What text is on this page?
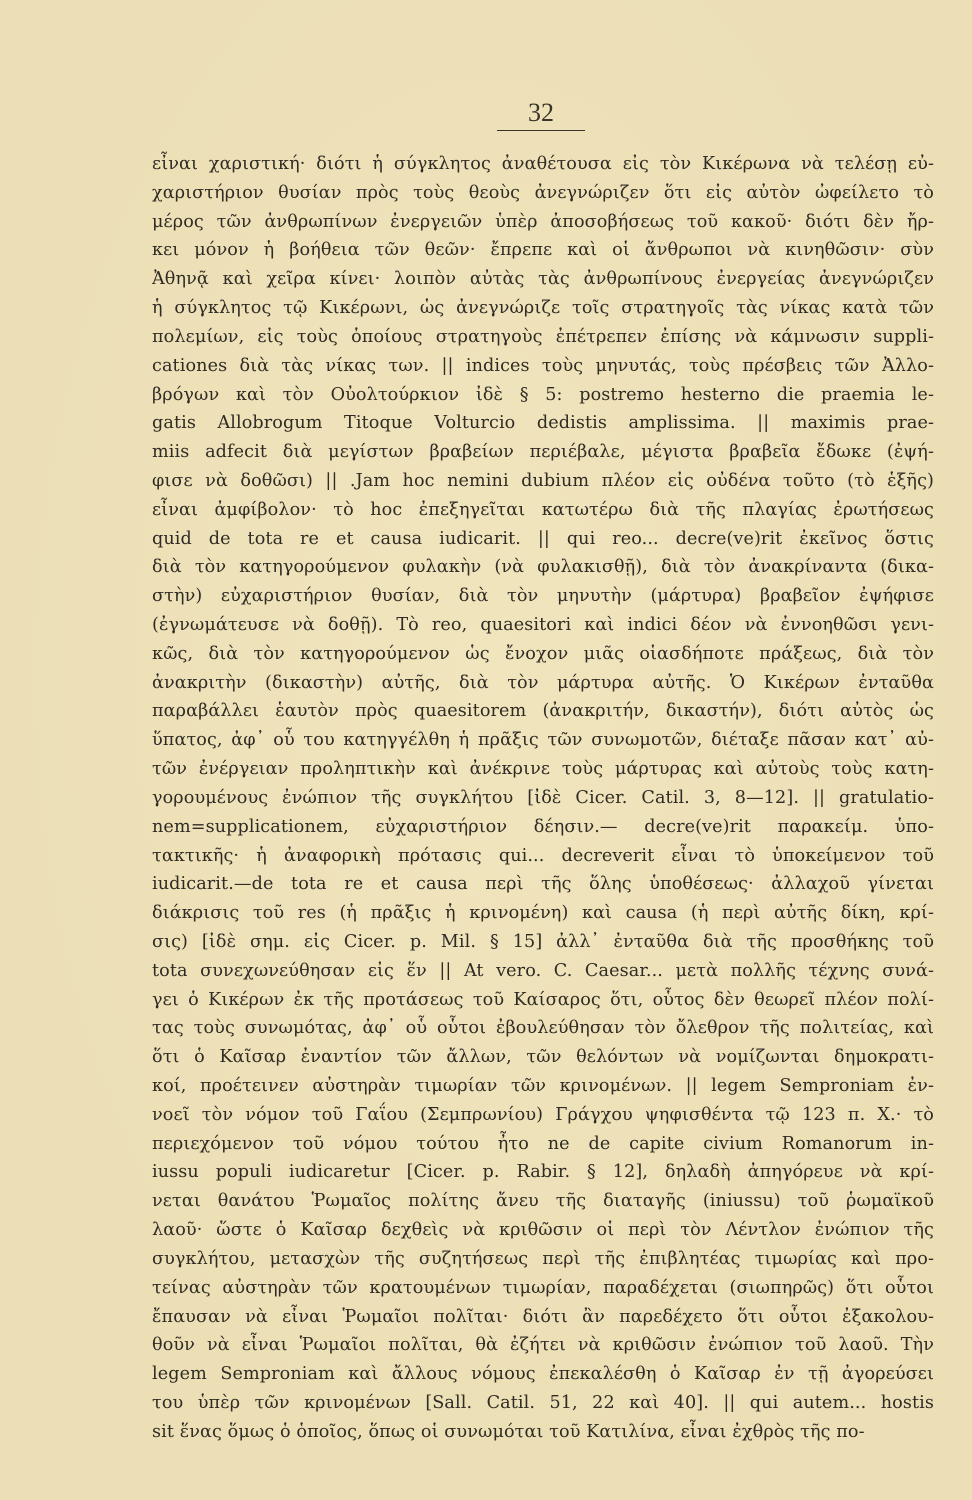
32
εἶναι χαριστική· διότι ἡ σύγκλητος ἀναθέτουσα εἰς τὸν Κικέρωνα νὰ τελέσῃ εὐ-
χαριστήριον θυσίαν πρὸς τοὺς θεοὺς ἀνεγνώριζεν ὅτι εἰς αὐτὸν ὠφείλετο τὸ
μέρος τῶν ἀνθρωπίνων ἐνεργειῶν ὑπὲρ ἀποσοβήσεως τοῦ κακοῦ· διότι δὲν ἤρ-
κει μόνον ἡ βοήθεια τῶν θεῶν· ἔπρεπε καὶ οἱ ἄνθρωποι νὰ κινηθῶσιν· σὺν
Ἀθηνᾷ καὶ χεῖρα κίνει· λοιπὸν αὐτὰς τὰς ἀνθρωπίνους ἐνεργείας ἀνεγνώριζεν
ἡ σύγκλητος τῷ Κικέρωνι, ὡς ἀνεγνώριζε τοῖς στρατηγοῖς τὰς νίκας κατὰ τῶν
πολεμίων, εἰς τοὺς ὁποίους στρατηγοὺς ἐπέτρεπεν ἐπίσης νὰ κάμνωσιν suppli-
cationes διὰ τὰς νίκας των. || indices τοὺς μηνυτάς, τοὺς πρέσβεις τῶν Ἀλλο-
βρόγων καὶ τὸν Οὐολτούρκιον ἰδὲ § 5: postremo hesterno die praemia le-
gatis Allobrogum Titoque Volturcio dedistis amplissima. || maximis prae-
miis adfecit διὰ μεγίστων βραβείων περιέβαλε, μέγιστα βραβεῖα ἔδωκε (ἐψή-
φισε νὰ δοθῶσι) || .Jam hoc nemini dubium πλέον εἰς οὐδένα τοῦτο (τὸ ἑξῆς)
εἶναι ἀμφίβολον· τὸ hoc ἐπεξηγεῖται κατωτέρω διὰ τῆς πλαγίας ἐρωτήσεως
quid de tota re et causa iudicarit. || qui reo... decre(ve)rit ἐκεῖνος ὅστις
διὰ τὸν κατηγορούμενον φυλακὴν (νὰ φυλακισθῇ), διὰ τὸν ἀνακρίναντα (δικα-
στὴν) εὐχαριστήριον θυσίαν, διὰ τὸν μηνυτὴν (μάρτυρα) βραβεῖον ἐψήφισε
(ἐγνωμάτευσε νὰ δοθῇ). Τὸ reo, quaesitori καὶ indici δέον νὰ ἐννοηθῶσι γενι-
κῶς, διὰ τὸν κατηγορούμενον ὡς ἔνοχον μιᾶς οἱασδήποτε πράξεως, διὰ τὸν
ἀνακριτὴν (δικαστὴν) αὐτῆς, διὰ τὸν μάρτυρα αὐτῆς. Ὁ Κικέρων ἐνταῦθα
παραβάλλει ἑαυτὸν πρὸς quaesitorem (ἀνακριτήν, δικαστήν), διότι αὐτὸς ὡς
ὕπατος, ἀφ᾽ οὗ του κατηγγέλθη ἡ πρᾶξις τῶν συνωμοτῶν, διέταξε πᾶσαν κατ᾽ αὐ-
τῶν ἐνέργειαν προληπτικὴν καὶ ἀνέκρινε τοὺς μάρτυρας καὶ αὐτοὺς τοὺς κατη-
γορουμένους ἐνώπιον τῆς συγκλήτου [ἰδὲ Cicer. Catil. 3, 8—12]. || gratulatio-
nem=supplicationem, εὐχαριστήριον δέησιν.— decre(ve)rit παρακείμ. ὑπο-
τακτικῆς· ἡ ἀναφορικὴ πρότασις qui... decreverit εἶναι τὸ ὑποκείμενον τοῦ
iudicarit.—de tota re et causa περὶ τῆς ὅλης ὑποθέσεως· ἀλλαχοῦ γίνεται
διάκρισις τοῦ res (ἡ πρᾶξις ἡ κρινομένη) καὶ causa (ἡ περὶ αὐτῆς δίκη, κρί-
σις) [ἰδὲ σημ. εἰς Cicer. p. Mil. § 15] ἀλλ᾽ ἐνταῦθα διὰ τῆς προσθήκης τοῦ
tota συνεχωνεύθησαν εἰς ἕν || At vero. C. Caesar... μετὰ πολλῆς τέχνης συνά-
γει ὁ Κικέρων ἐκ τῆς προτάσεως τοῦ Καίσαρος ὅτι, οὗτος δὲν θεωρεῖ πλέον πολί-
τας τοὺς συνωμότας, ἀφ᾽ οὗ οὗτοι ἐβουλεύθησαν τὸν ὄλεθρον τῆς πολιτείας, καὶ
ὅτι ὁ Καῖσαρ ἐναντίον τῶν ἄλλων, τῶν θελόντων νὰ νομίζωνται δημοκρατι-
κοί, προέτεινεν αὐστηρὰν τιμωρίαν τῶν κρινομένων. || legem Semproniam ἐν-
νοεῖ τὸν νόμον τοῦ Γαΐου (Σεμπρωνίου) Γράγχου ψηφισθέντα τῷ 123 π. Χ.· τὸ
περιεχόμενον τοῦ νόμου τούτου ἦτο ne de capite civium Romanorum in-
iussu populi iudicaretur [Cicer. p. Rabir. § 12], δηλαδὴ ἀπηγόρευε νὰ κρί-
νεται θανάτου Ῥωμαῖος πολίτης ἄνευ τῆς διαταγῆς (iniussu) τοῦ ῥωμαϊκοῦ
λαοῦ· ὥστε ὁ Καῖσαρ δεχθεὶς νὰ κριθῶσιν οἱ περὶ τὸν Λέντλον ἐνώπιον τῆς
συγκλήτου, μετασχὼν τῆς συζητήσεως περὶ τῆς ἐπιβλητέας τιμωρίας καὶ προ-
τείνας αὐστηρὰν τῶν κρατουμένων τιμωρίαν, παραδέχεται (σιωπηρῶς) ὅτι οὗτοι
ἔπαυσαν νὰ εἶναι Ῥωμαῖοι πολῖται· διότι ἂν παρεδέχετο ὅτι οὗτοι ἐξακολου-
θοῦν νὰ εἶναι Ῥωμαῖοι πολῖται, θὰ ἐζήτει νὰ κριθῶσιν ἐνώπιον τοῦ λαοῦ. Τὴν
legem Semproniam καὶ ἄλλους νόμους ἐπεκαλέσθη ὁ Καῖσαρ ἐν τῇ ἀγορεύσει
του ὑπὲρ τῶν κρινομένων [Sall. Catil. 51, 22 καὶ 40]. || qui autem... hostis
sit ἕνας ὅμως ὁ ὁποῖος, ὅπως οἱ συνωμόται τοῦ Κατιλίνα, εἶναι ἐχθρὸς τῆς πο-
